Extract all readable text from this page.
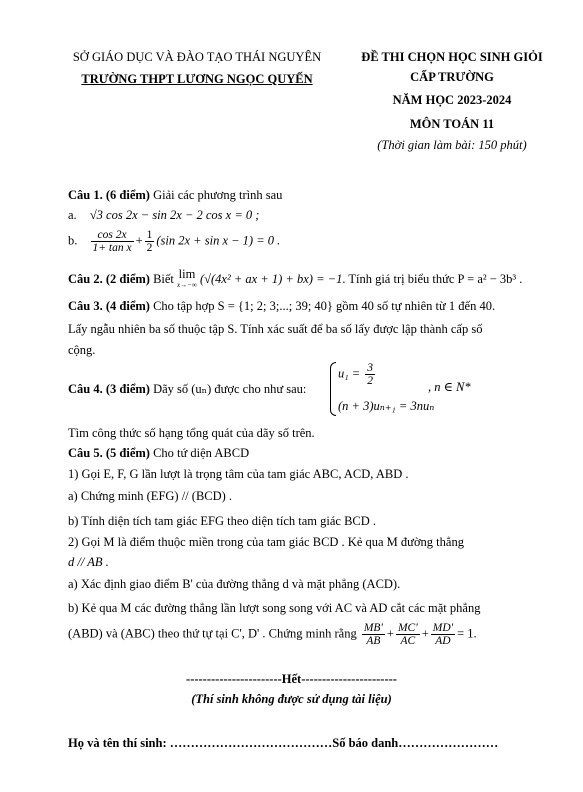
SỞ GIÁO DỤC VÀ ĐÀO TẠO THÁI NGUYÊN
TRƯỜNG THPT LƯƠNG NGỌC QUYẾN
ĐỀ THI CHỌN HỌC SINH GIỎI
CẤP TRƯỜNG
NĂM HỌC 2023-2024
MÔN TOÁN 11
(Thời gian làm bài: 150 phút)
Câu 1. (6 điểm) Giải các phương trình sau
a. √3 cos 2x − sin 2x − 2 cos x = 0 ;
b. $\frac{\cos 2x}{\text{1+ tan x}} + \frac{1}{2} (\sin$ 2x + sin x − 1) = 0 .
Câu 2. (2 điểm) Biết lim
x→−∞ (√(4x² + ax + 1) + bx) = −1. Tính giá trị biểu thức P = a² − 3b³ .
Câu 3. (4 điểm) Cho tập hợp S = {1; 2; 3;...; 39; 40} gồm 40 số tự nhiên từ 1 đến 40.
Lấy ngẫu nhiên ba số thuộc tập S. Tính xác suất để ba số lấy được lập thành cấp số
cộng.
Câu 4. (3 điểm) Dãy số (uₙ) được cho như sau:
$u_1 = \frac{3}{2}$
(n + 3)uₙ₊₁ = 3nuₙ
, n ∈ N*
Tìm công thức số hạng tổng quát của dãy số trên.
Câu 5. (5 điểm) Cho tứ diện ABCD
1) Gọi E, F, G lần lượt là trọng tâm của tam giác ABC, ACD, ABD .
a) Chứng minh (EFG) // (BCD) .
b) Tính diện tích tam giác EFG theo diện tích tam giác BCD .
2) Gọi M là điểm thuộc miền trong của tam giác BCD . Kẻ qua M đường thẳng
d // AB .
a) Xác định giao điểm B' của đường thẳng d và mặt phẳng (ACD).
b) Kẻ qua M các đường thẳng lần lượt song song với AC và AD cắt các mặt phẳng
(ABD) và (ABC) theo thứ tự tại C', D' . Chứng minh rằng $\frac{MB'}{AB} + \frac{MC'}{AC} + \frac{MD'}{AD} = 1$.
-----------------------Hết-----------------------
(Thí sinh không được sử dụng tài liệu)
Họ và tên thí sinh: …………………………………Số báo danh……………………
